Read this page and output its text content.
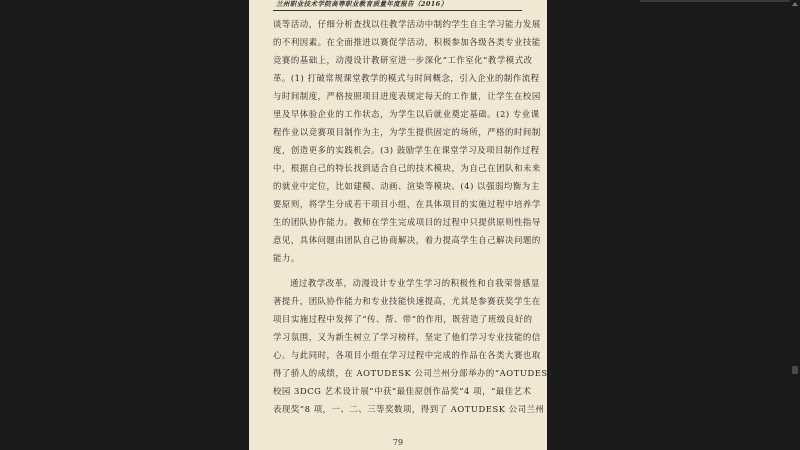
兰州职业技术学院高等职业教育质量年度报告（2016）
谈等活动，仔细分析查找以往教学活动中制约学生自主学习能力发展
的不利因素。在全面推进以赛促学活动，积极参加各级各类专业技能
竞赛的基础上，动漫设计教研室进一步深化“工作室化”教学模式改
革。(1) 打破常规课堂教学的模式与时间概念，引入企业的制作流程
与时间制度，严格按照项目进度表规定每天的工作量，让学生在校园
里及早体验企业的工作状态，为学生以后就业奠定基础。(2) 专业课
程作业以竞赛项目制作为主，为学生提供固定的场所，严格的时间制
度，创造更多的实践机会。(3) 鼓励学生在课堂学习及项目制作过程
中，根据自己的特长找到适合自己的技术模块，为自己在团队和未来
的就业中定位，比如建模、动画、渲染等模块。(4) 以强弱均衡为主
要原则，将学生分成若干项目小组，在具体项目的实施过程中培养学
生的团队协作能力。教师在学生完成项目的过程中只提供原则性指导
意见，具体问题由团队自己协商解决，着力提高学生自己解决问题的
能力。
通过教学改革，动漫设计专业学生学习的积极性和自我荣誉感显
著提升，团队协作能力和专业技能快速提高，尤其是参赛获奖学生在
项目实施过程中发挥了“传、帮、带”的作用，既营造了班级良好的
学习氛围，又为新生树立了学习榜样，坚定了他们学习专业技能的信
心。与此同时，各项目小组在学习过程中完成的作品在各类大赛也取
得了骄人的成绩，在 AOTUDESK 公司兰州分部举办的“AOTUDESK
校园 3DCG 艺术设计展”中获“最佳原创作品奖”4 项，“最佳艺术
表现奖”8 项，一、二、三等奖数项，得到了 AOTUDESK 公司兰州
79
